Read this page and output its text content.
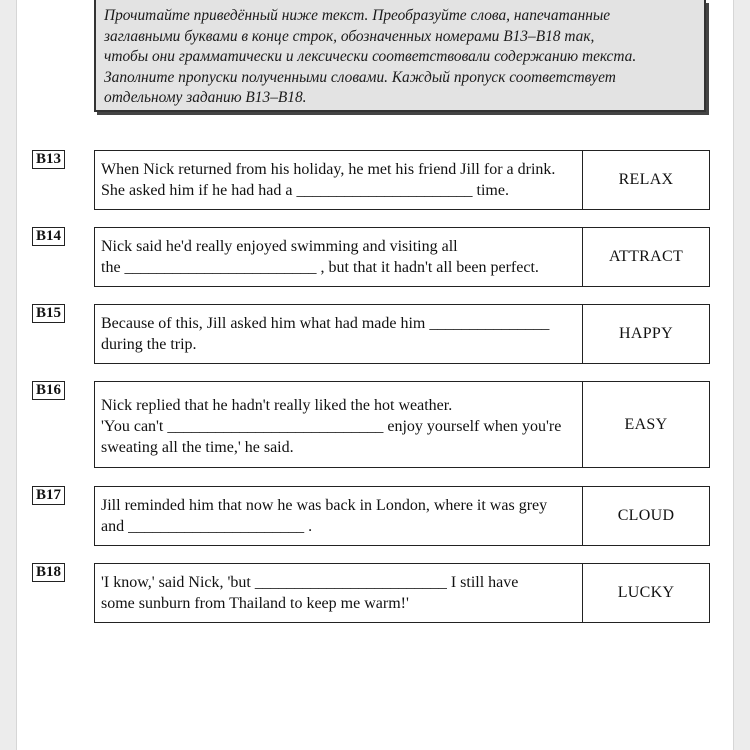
Прочитайте приведённый ниже текст. Преобразуйте слова, напечатанные
заглавными буквами в конце строк, обозначенных номерами B13–B18 так,
чтобы они грамматически и лексически соответствовали содержанию текста.
Заполните пропуски полученными словами. Каждый пропуск соответствует
отдельному заданию B13–B18.
B13
When Nick returned from his holiday, he met his friend Jill for a drink.
She asked him if he had had a ______________________ time.
RELAX
B14
Nick said he'd really enjoyed swimming and visiting all
the ________________________ , but that it hadn't all been perfect.
ATTRACT
B15
Because of this, Jill asked him what had made him _______________
during the trip.
HAPPY
B16
Nick replied that he hadn't really liked the hot weather.
'You can't ___________________________ enjoy yourself when you're
sweating all the time,' he said.
EASY
B17
Jill reminded him that now he was back in London, where it was grey
and ______________________ .
CLOUD
B18
'I know,' said Nick, 'but ________________________ I still have
some sunburn from Thailand to keep me warm!'
LUCKY
